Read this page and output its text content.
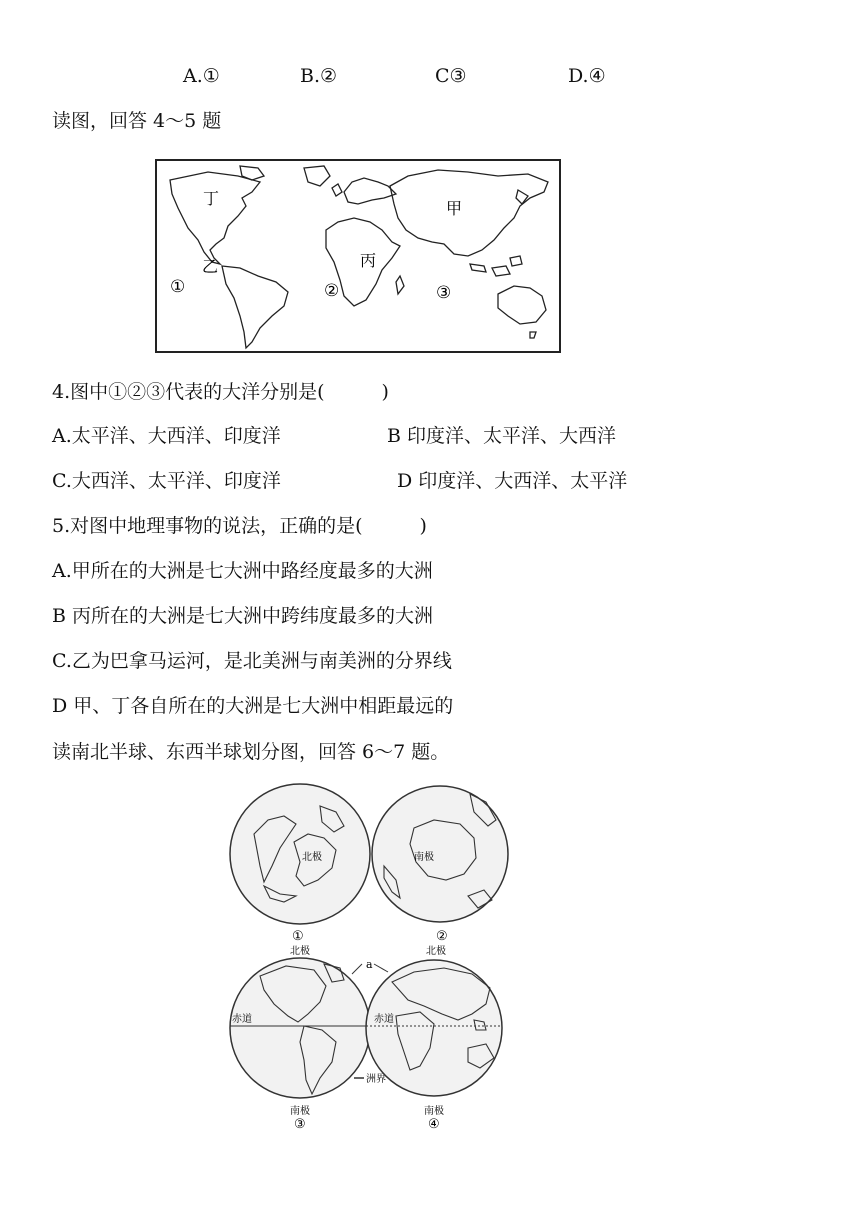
A.①	B.②	C③	D.④
读图，回答 4～5 题
丁
甲
乙	丙
①	②	③
4.图中①②③代表的大洋分别是(　　　)
A.太平洋、大西洋、印度洋	B 印度洋、太平洋、大西洋
C.大西洋、太平洋、印度洋	D 印度洋、大西洋、太平洋
5.对图中地理事物的说法，正确的是(　　　)
A.甲所在的大洲是七大洲中路经度最多的大洲
B 丙所在的大洲是七大洲中跨纬度最多的大洲
C.乙为巴拿马运河，是北美洲与南美洲的分界线
D 甲、丁各自所在的大洲是七大洲中相距最远的
读南北半球、东西半球划分图，回答 6～7 题。
北极
①
南极
②
北极	北极
a
赤道
南极
③
洲界
赤道
南极
④
